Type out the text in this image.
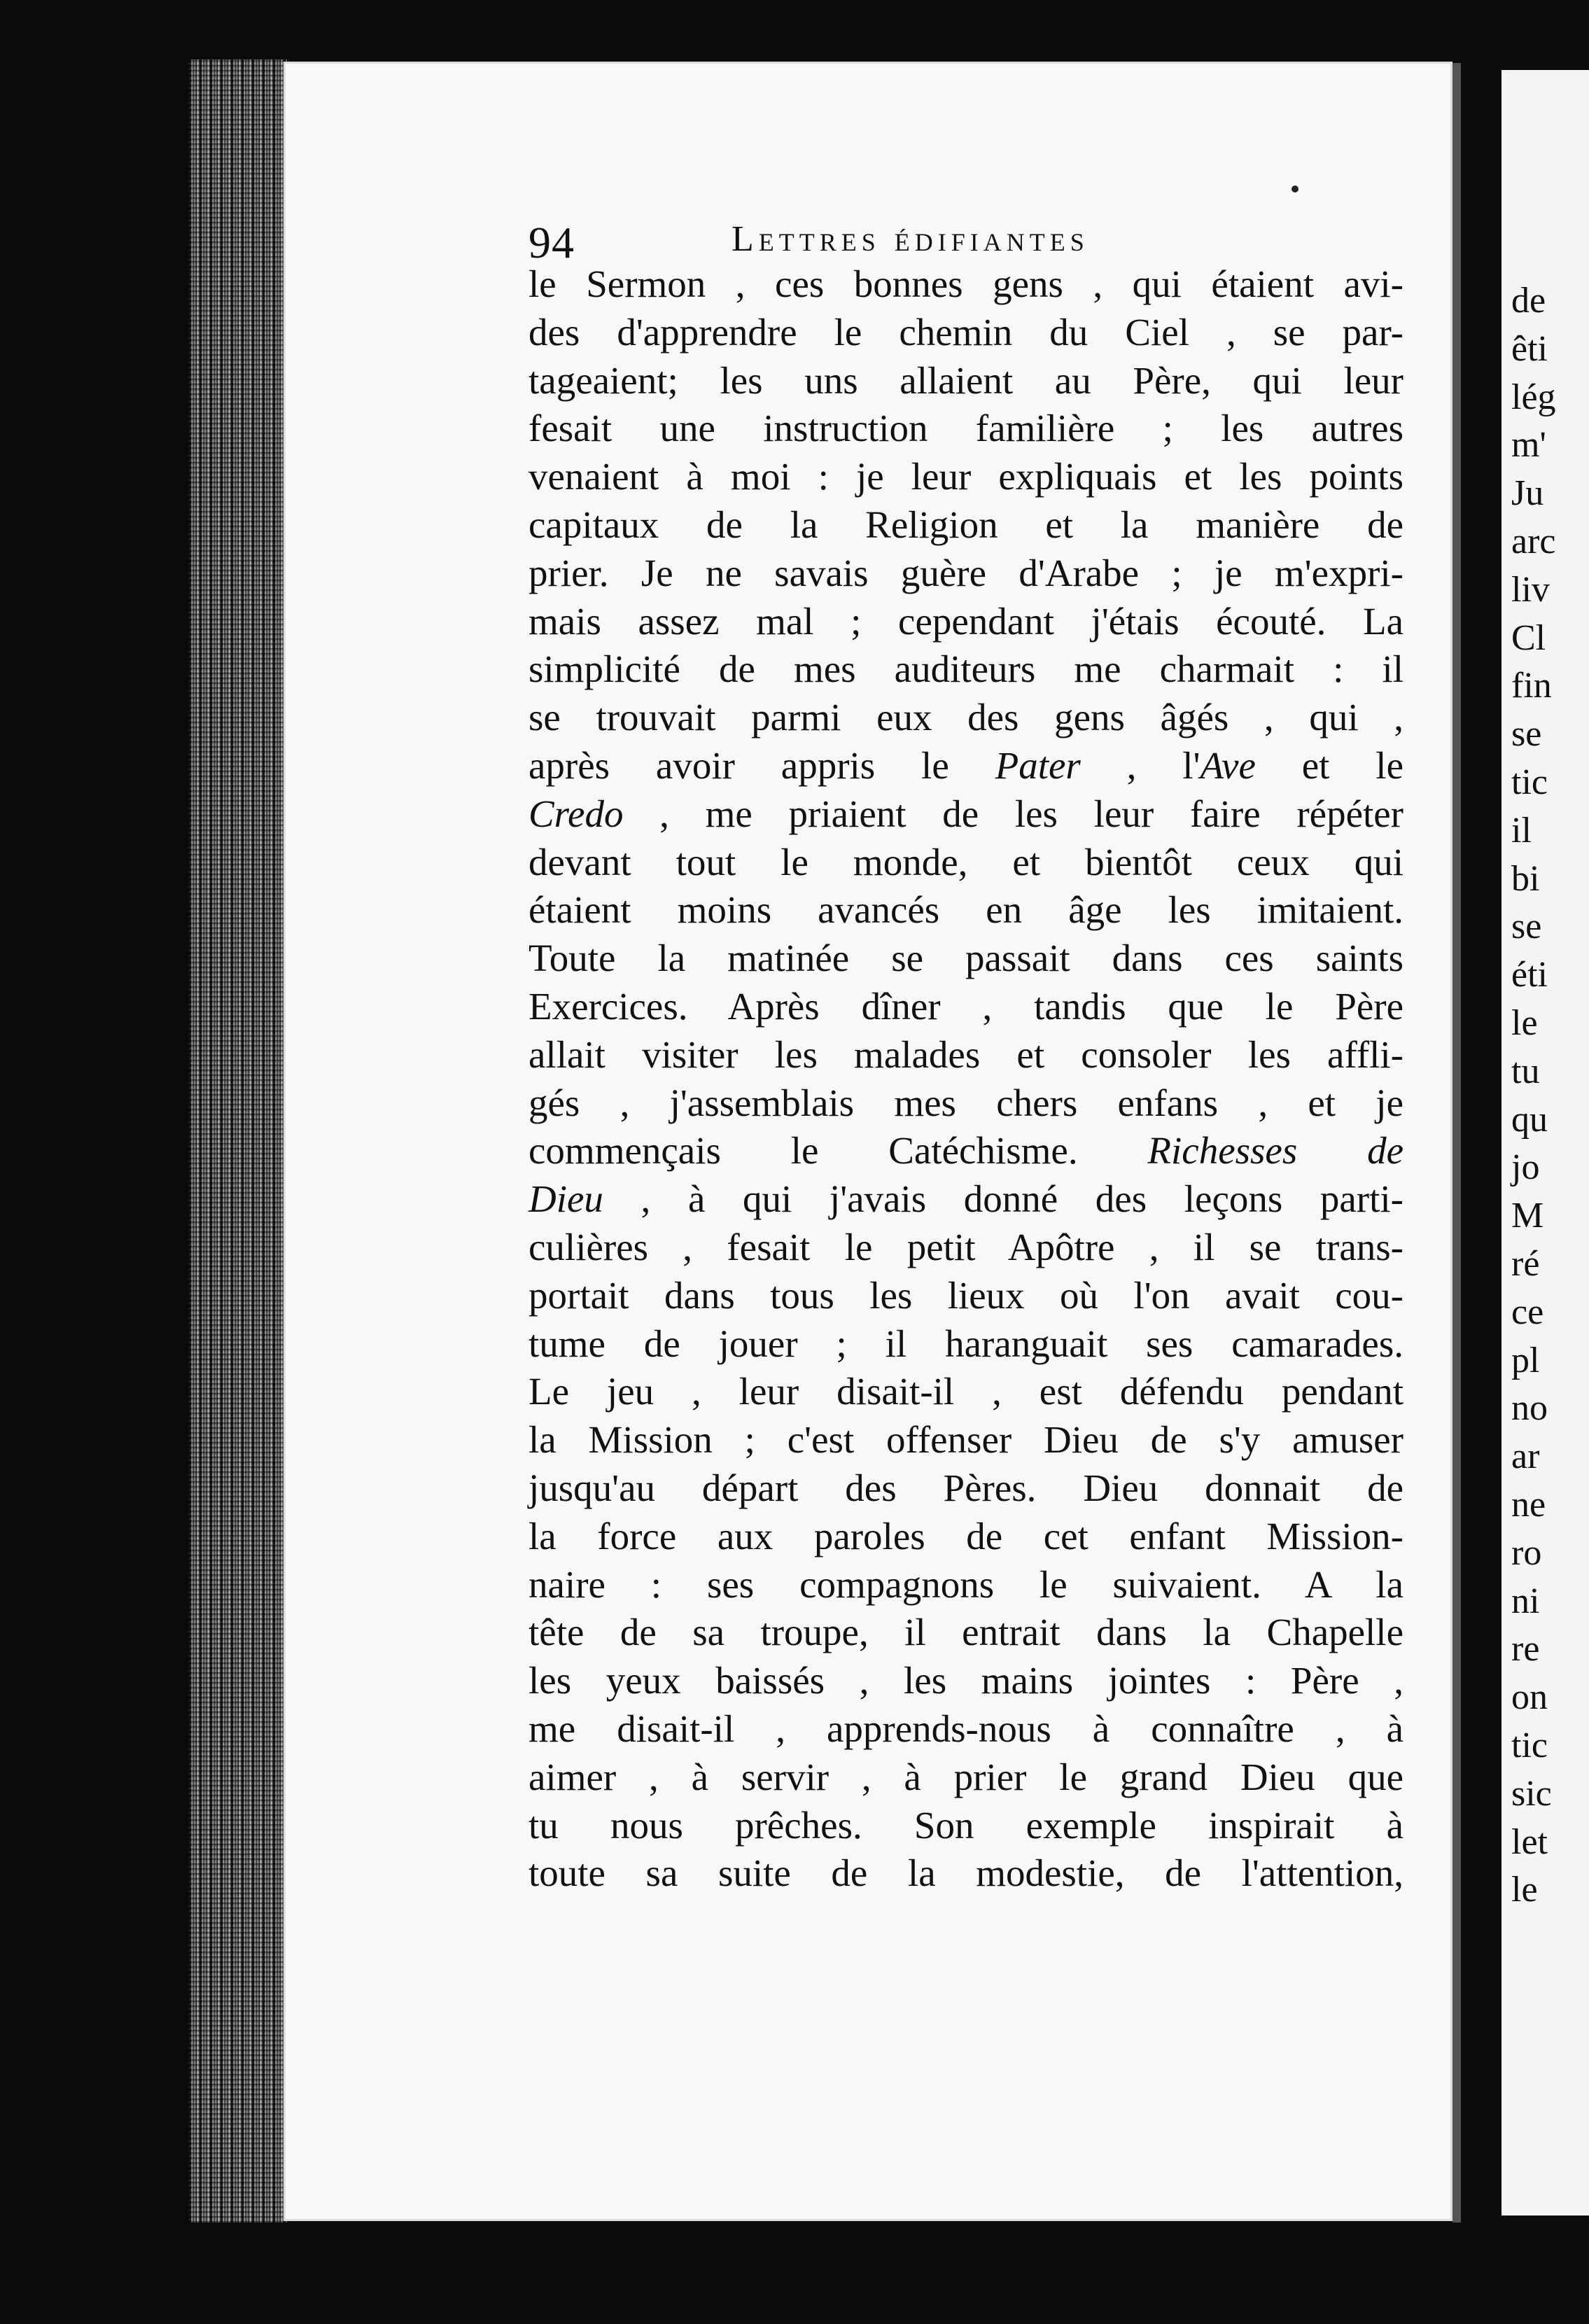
de
êti
lég
m'
Ju
arc
liv
Cl
fin
se
tic
il
bi
se
éti
le
tu
qu
jo
M
ré
ce
pl
no
ar
ne
ro
ni
re
on
tic
sic
let
le
94	Lettres édifiantes
le Sermon , ces bonnes gens , qui étaient avi-
des d'apprendre le chemin du Ciel , se par-
tageaient; les uns allaient au Père, qui leur
fesait une instruction familière ; les autres
venaient à moi : je leur expliquais et les points
capitaux de la Religion et la manière de
prier. Je ne savais guère d'Arabe ; je m'expri-
mais assez mal ; cependant j'étais écouté. La
simplicité de mes auditeurs me charmait : il
se trouvait parmi eux des gens âgés , qui ,
après avoir appris le Pater , l'Ave et le
Credo , me priaient de les leur faire répéter
devant tout le monde, et bientôt ceux qui
étaient moins avancés en âge les imitaient.
Toute la matinée se passait dans ces saints
Exercices. Après dîner , tandis que le Père
allait visiter les malades et consoler les affli-
gés , j'assemblais mes chers enfans , et je
commençais le Catéchisme. Richesses de
Dieu , à qui j'avais donné des leçons parti-
culières , fesait le petit Apôtre , il se trans-
portait dans tous les lieux où l'on avait cou-
tume de jouer ; il haranguait ses camarades.
Le jeu , leur disait-il , est défendu pendant
la Mission ; c'est offenser Dieu de s'y amuser
jusqu'au départ des Pères. Dieu donnait de
la force aux paroles de cet enfant Mission-
naire : ses compagnons le suivaient. A la
tête de sa troupe, il entrait dans la Chapelle
les yeux baissés , les mains jointes : Père ,
me disait-il , apprends-nous à connaître , à
aimer , à servir , à prier le grand Dieu que
tu nous prêches. Son exemple inspirait à
toute sa suite de la modestie, de l'attention,
